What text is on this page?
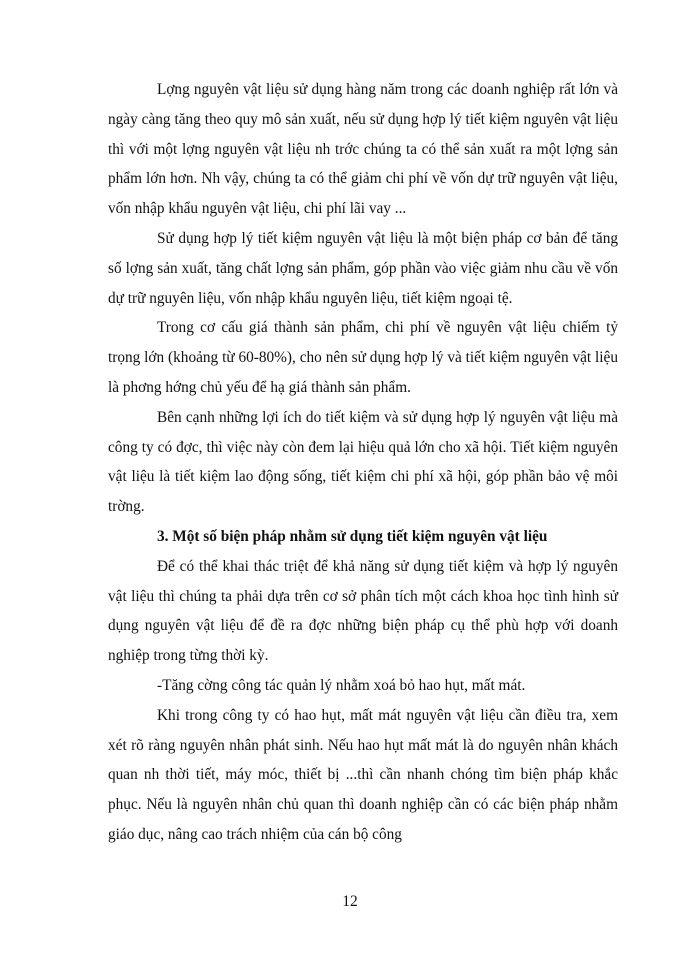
Lợng nguyên vật liệu sử dụng hàng năm trong các doanh nghiệp rất lớn và ngày càng tăng theo quy mô sản xuất, nếu sử dụng hợp lý tiết kiệm nguyên vật liệu thì với một lợng nguyên vật liệu nh trớc chúng ta có thể sản xuất ra một lợng sản phẩm lớn hơn. Nh vậy, chúng ta có thể giảm chi phí về vốn dự trữ nguyên vật liệu, vốn nhập khẩu nguyên vật liệu, chi phí lãi vay ...

Sử dụng hợp lý tiết kiệm nguyên vật liệu là một biện pháp cơ bản để tăng số lợng sản xuất, tăng chất lợng sản phẩm, góp phần vào việc giảm nhu cầu về vốn dự trữ nguyên liệu, vốn nhập khẩu nguyên liệu, tiết kiệm ngoại tệ.

Trong cơ cấu giá thành sản phẩm, chi phí về nguyên vật liệu chiếm tỷ trọng lớn (khoảng từ 60-80%), cho nên sử dụng hợp lý và tiết kiệm nguyên vật liệu là phơng hớng chủ yếu để hạ giá thành sản phẩm.

Bên cạnh những lợi ích do tiết kiệm và sử dụng hợp lý nguyên vật liệu mà công ty có đợc, thì việc này còn đem lại hiệu quả lớn cho xã hội. Tiết kiệm nguyên vật liệu là tiết kiệm lao động sống, tiết kiệm chi phí xã hội, góp phần bảo vệ môi trờng.

3. Một số biện pháp nhằm sử dụng tiết kiệm nguyên vật liệu

Để có thể khai thác triệt để khả năng sử dụng tiết kiệm và hợp lý nguyên vật liệu thì chúng ta phải dựa trên cơ sở phân tích một cách khoa học tình hình sử dụng nguyên vật liệu để đề ra đợc những biện pháp cụ thể phù hợp với doanh nghiệp trong từng thời kỳ.

-Tăng cờng công tác quản lý nhằm xoá bỏ hao hụt, mất mát.

Khi trong công ty có hao hụt, mất mát nguyên vật liệu cần điều tra, xem xét rõ ràng nguyên nhân phát sinh. Nếu hao hụt mất mát là do nguyên nhân khách quan nh thời tiết, máy móc, thiết bị ...thì cần nhanh chóng tìm biện pháp khắc phục. Nếu là nguyên nhân chủ quan thì doanh nghiệp cần có các biện pháp nhằm giáo dục, nâng cao trách nhiệm của cán bộ công

12
